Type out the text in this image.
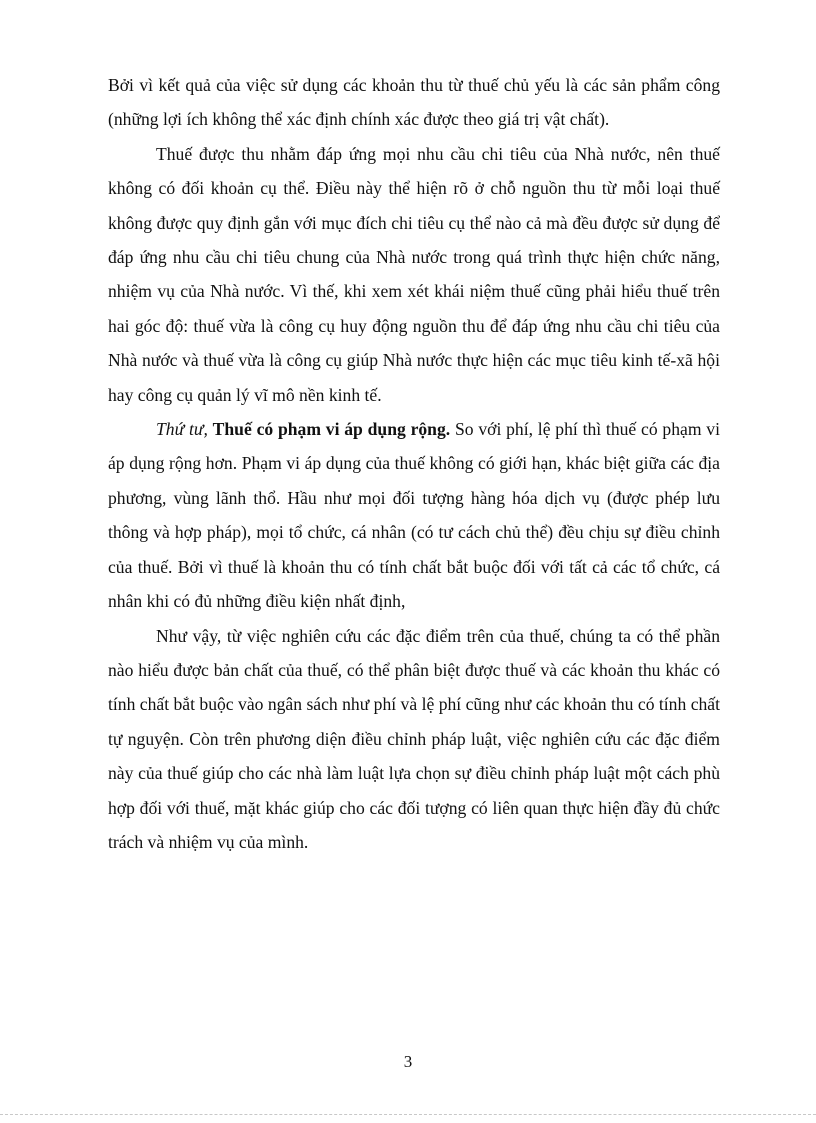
Bởi vì kết quả của việc sử dụng các khoản thu từ thuế chủ yếu là các sản phẩm công (những lợi ích không thể xác định chính xác được theo giá trị vật chất).

Thuế được thu nhằm đáp ứng mọi nhu cầu chi tiêu của Nhà nước, nên thuế không có đối khoản cụ thể. Điều này thể hiện rõ ở chỗ nguồn thu từ mỗi loại thuế không được quy định gắn với mục đích chi tiêu cụ thể nào cả mà đều được sử dụng để đáp ứng nhu cầu chi tiêu chung của Nhà nước trong quá trình thực hiện chức năng, nhiệm vụ của Nhà nước. Vì thế, khi xem xét khái niệm thuế cũng phải hiểu thuế trên hai góc độ: thuế vừa là công cụ huy động nguồn thu để đáp ứng nhu cầu chi tiêu của Nhà nước và thuế vừa là công cụ giúp Nhà nước thực hiện các mục tiêu kinh tế-xã hội hay công cụ quản lý vĩ mô nền kinh tế.

Thứ tư, Thuế có phạm vi áp dụng rộng. So với phí, lệ phí thì thuế có phạm vi áp dụng rộng hơn. Phạm vi áp dụng của thuế không có giới hạn, khác biệt giữa các địa phương, vùng lãnh thổ. Hầu như mọi đối tượng hàng hóa dịch vụ (được phép lưu thông và hợp pháp), mọi tổ chức, cá nhân (có tư cách chủ thể) đều chịu sự điều chỉnh của thuế. Bởi vì thuế là khoản thu có tính chất bắt buộc đối với tất cả các tổ chức, cá nhân khi có đủ những điều kiện nhất định,

Như vậy, từ việc nghiên cứu các đặc điểm trên của thuế, chúng ta có thể phần nào hiểu được bản chất của thuế, có thể phân biệt được thuế và các khoản thu khác có tính chất bắt buộc vào ngân sách như phí và lệ phí cũng như các khoản thu có tính chất tự nguyện. Còn trên phương diện điều chỉnh pháp luật, việc nghiên cứu các đặc điểm này của thuế giúp cho các nhà làm luật lựa chọn sự điều chỉnh pháp luật một cách phù hợp đối với thuế, mặt khác giúp cho các đối tượng có liên quan thực hiện đầy đủ chức trách và nhiệm vụ của mình.

3
